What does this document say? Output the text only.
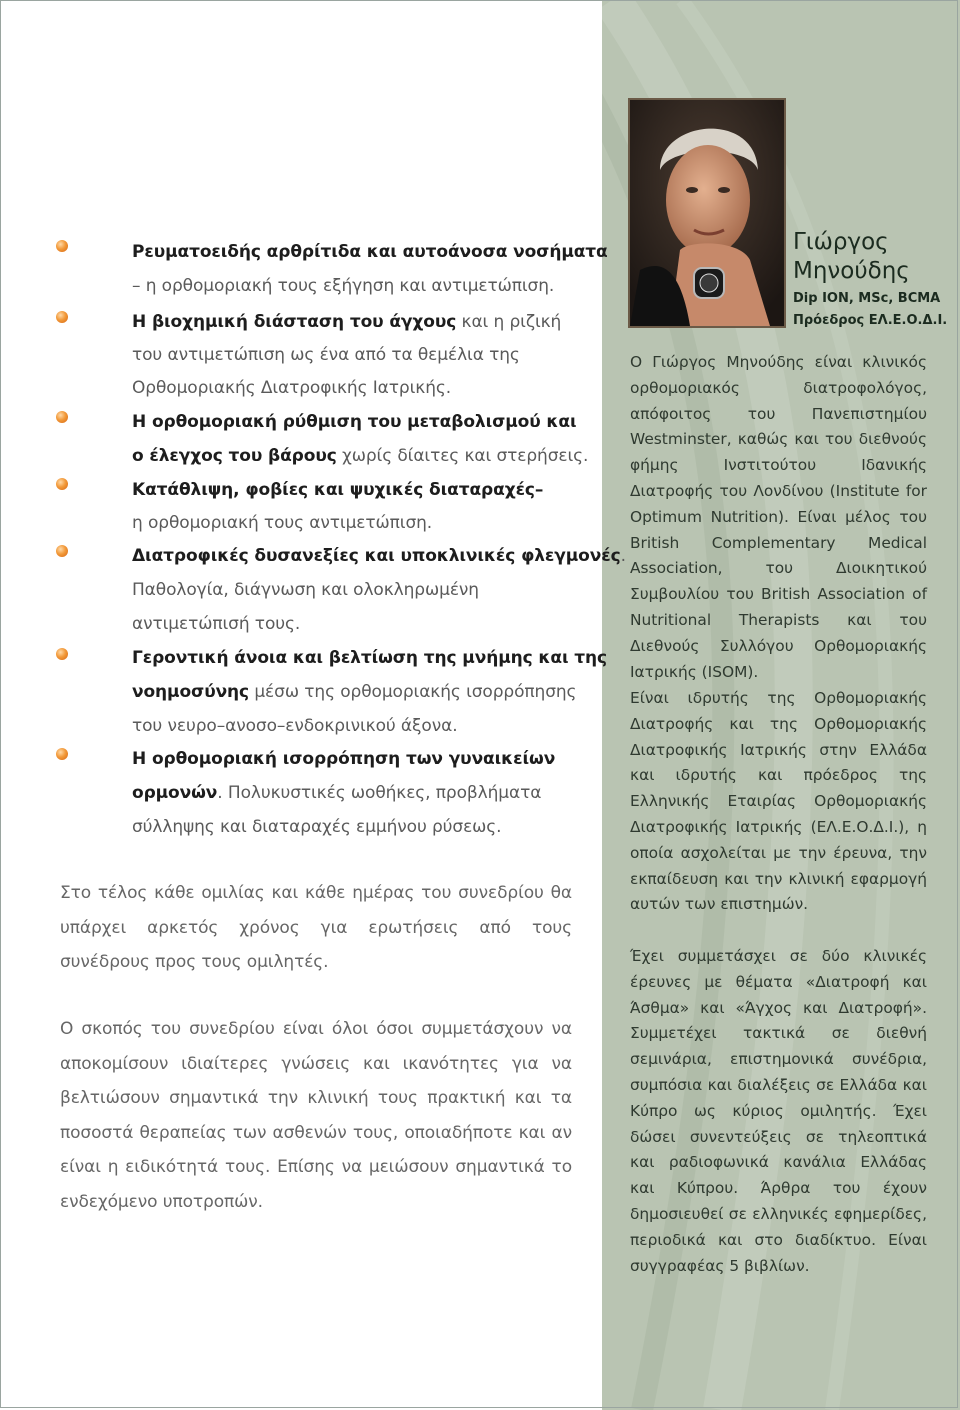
Ρευματοειδής αρθρίτιδα και αυτοάνοσα νοσήματα
– η ορθομοριακή τους εξήγηση και αντιμετώπιση.
Η βιοχημική διάσταση του άγχους και η ριζική
του αντιμετώπιση ως ένα από τα θεμέλια της
Ορθομοριακής Διατροφικής Ιατρικής.
Η ορθομοριακή ρύθμιση του μεταβολισμού και
ο έλεγχος του βάρους χωρίς δίαιτες και στερήσεις.
Κατάθλιψη, φοβίες και ψυχικές διαταραχές–
η ορθομοριακή τους αντιμετώπιση.
Διατροφικές δυσανεξίες και υποκλινικές φλεγμονές.
Παθολογία, διάγνωση και ολοκληρωμένη
αντιμετώπισή τους.
Γεροντική άνοια και βελτίωση της μνήμης και της
νοημοσύνης μέσω της ορθομοριακής ισορρόπησης
του νευρο–ανοσο–ενδοκρινικού άξονα.
Η ορθομοριακή ισορρόπηση των γυναικείων
ορμονών. Πολυκυστικές ωοθήκες, προβλήματα
σύλληψης και διαταραχές εμμήνου ρύσεως.
Στο τέλος κάθε ομιλίας και κάθε ημέρας του συνεδρίου θα υπάρχει αρκετός χρόνος για ερωτήσεις από τους συνέδρους προς τους ομιλητές.
Ο σκοπός του συνεδρίου είναι όλοι όσοι συμμετάσχουν να αποκομίσουν ιδιαίτερες γνώσεις και ικανότητες για να βελτιώσουν σημαντικά την κλινική τους πρακτική και τα ποσοστά θεραπείας των ασθενών τους, οποιαδήποτε και αν είναι η ειδικότητά τους. Επίσης να μειώσουν σημαντικά το ενδεχόμενο υποτροπών.
Γιώργος
Μηνούδης
Dip ION, MSc, BCMA
Πρόεδρος ΕΛ.Ε.Ο.Δ.Ι.
Ο Γιώργος Μηνούδης είναι κλινικός ορθομοριακός διατροφολόγος, απόφοιτος του Πανεπιστημίου Westminster, καθώς και του διεθνούς φήμης Ινστιτούτου Ιδανικής Διατροφής του Λονδίνου (Institute for Optimum Nutrition). Είναι μέλος του British Complementary Medical Association, του Διοικητικού Συμβουλίου του British Association of Nutritional Therapists και του Διεθνούς Συλλόγου Ορθομοριακής Ιατρικής (ISOM).
Είναι ιδρυτής της Ορθομοριακής Διατροφής και της Ορθομοριακής Διατροφικής Ιατρικής στην Ελλάδα και ιδρυτής και πρόεδρος της Ελληνικής Εταιρίας Ορθομοριακής Διατροφικής Ιατρικής (ΕΛ.Ε.Ο.Δ.Ι.), η οποία ασχολείται με την έρευνα, την εκπαίδευση και την κλινική εφαρμογή αυτών των επιστημών.
Έχει συμμετάσχει σε δύο κλινικές έρευνες με θέματα «Διατροφή και Άσθμα» και «Άγχος και Διατροφή». Συμμετέχει τακτικά σε διεθνή σεμινάρια, επιστημονικά συνέδρια, συμπόσια και διαλέξεις σε Ελλάδα και Κύπρο ως κύριος ομιλητής. Έχει δώσει συνεντεύξεις σε τηλεοπτικά και ραδιοφωνικά κανάλια Ελλάδας και Κύπρου. Άρθρα του έχουν δημοσιευθεί σε ελληνικές εφημερίδες, περιοδικά και στο διαδίκτυο. Είναι συγγραφέας 5 βιβλίων.
